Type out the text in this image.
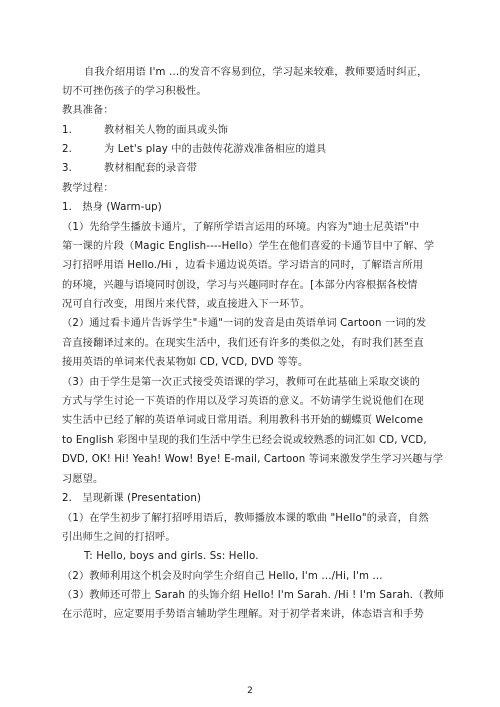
自我介绍用语 I'm …的发音不容易到位，学习起来较难，教师要适时纠正，
切不可挫伤孩子的学习积极性。
教具准备：
1.	教材相关人物的面具或头饰
2.	为 Let's play 中的击鼓传花游戏准备相应的道具
3.	教材相配套的录音带
教学过程：
1． 热身 (Warm-up)
（1）先给学生播放卡通片，了解所学语言运用的环境。内容为"迪士尼英语"中
第一课的片段（Magic English----Hello）学生在他们喜爱的卡通节目中了解、学
习打招呼用语 Hello./Hi ，边看卡通边说英语。学习语言的同时，了解语言所用
的环境，兴趣与语境同时创设，学习与兴趣同时存在。[本部分内容根据各校情
况可自行改变，用图片来代替，或直接进入下一环节。
（2）通过看卡通片告诉学生"卡通"一词的发音是由英语单词 Cartoon 一词的发
音直接翻译过来的。在现实生活中，我们还有许多的类似之处，有时我们甚至直
接用英语的单词来代表某物如 CD, VCD, DVD 等等。
（3）由于学生是第一次正式接受英语课的学习，教师可在此基础上采取交谈的
方式与学生讨论一下英语的作用以及学习英语的意义。不妨请学生说说他们在现
实生活中已经了解的英语单词或日常用语。利用教科书开始的蝴蝶页 Welcome
to English 彩图中呈现的我们生活中学生已经会说或较熟悉的词汇如 CD, VCD,
DVD, OK! Hi! Yeah! Wow! Bye! E-mail, Cartoon 等词来激发学生学习兴趣与学
习愿望。
2． 呈现新课 (Presentation)
（1）在学生初步了解打招呼用语后，教师播放本课的歌曲 "Hello"的录音，自然
引出师生之间的打招呼。
T: Hello, boys and girls. Ss: Hello.
（2）教师利用这个机会及时向学生介绍自己 Hello, I'm …/Hi, I'm …
（3）教师还可带上 Sarah 的头饰介绍 Hello! I'm Sarah. /Hi ! I'm Sarah.（教师
在示范时，应定要用手势语言辅助学生理解。对于初学者来讲，体态语言和手势
2
